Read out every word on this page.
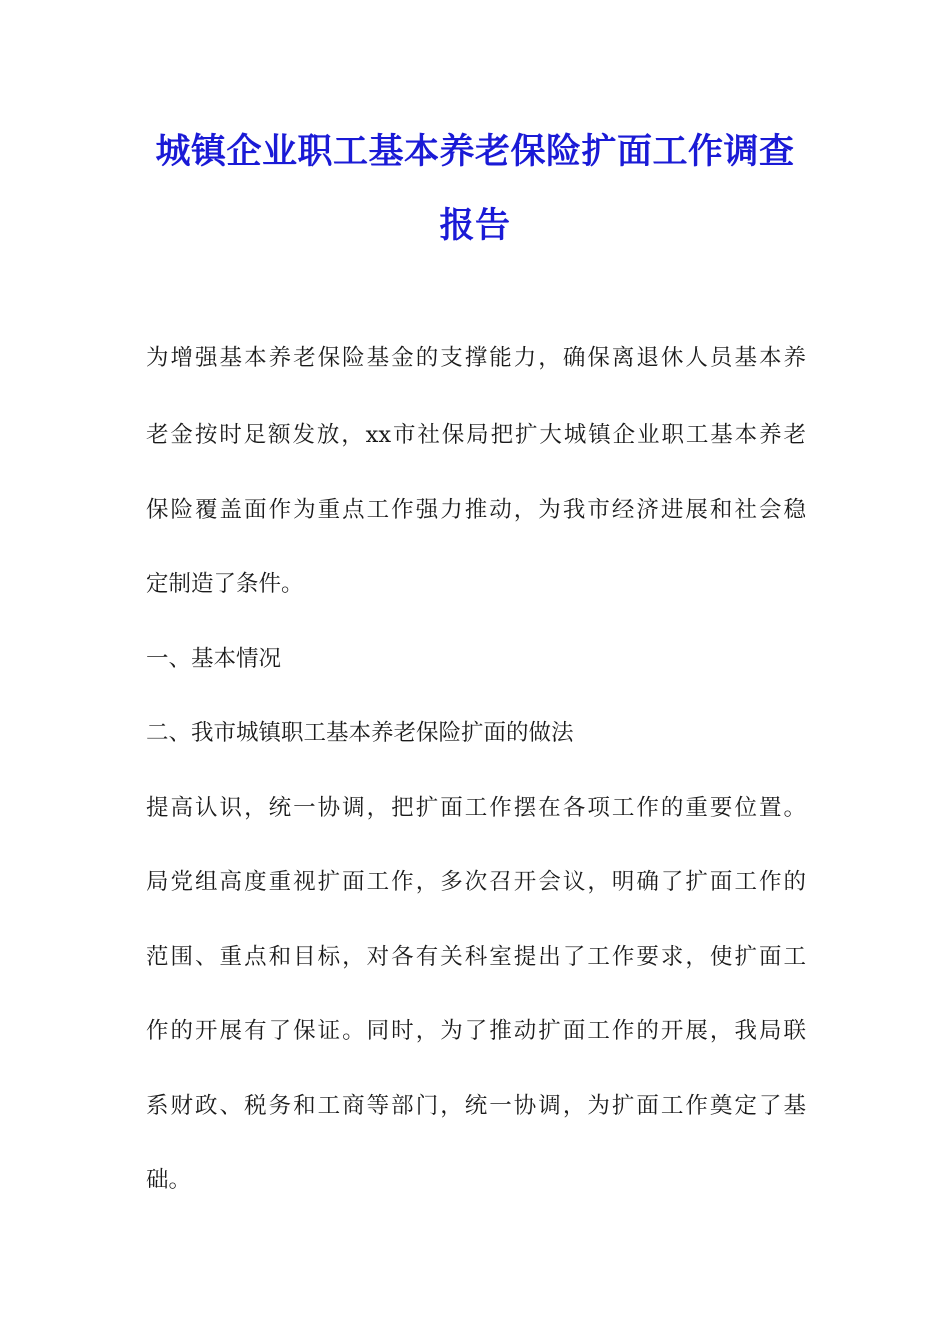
城镇企业职工基本养老保险扩面工作调查
报告

为增强基本养老保险基金的支撑能力，确保离退休人员基本养

老金按时足额发放，xx市社保局把扩大城镇企业职工基本养老

保险覆盖面作为重点工作强力推动，为我市经济进展和社会稳

定制造了条件。

一、基本情况

二、我市城镇职工基本养老保险扩面的做法

提高认识，统一协调，把扩面工作摆在各项工作的重要位置。

局党组高度重视扩面工作，多次召开会议，明确了扩面工作的

范围、重点和目标，对各有关科室提出了工作要求，使扩面工

作的开展有了保证。同时，为了推动扩面工作的开展，我局联

系财政、税务和工商等部门，统一协调，为扩面工作奠定了基

础。
